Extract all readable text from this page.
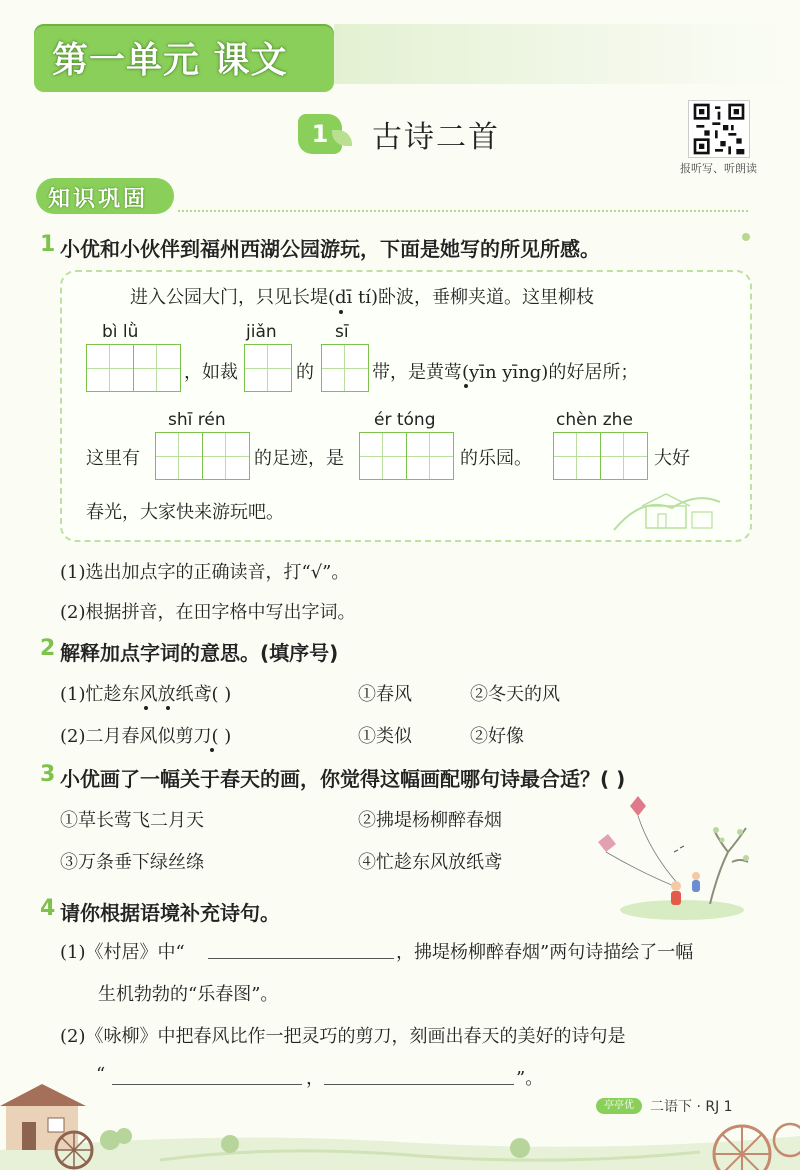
第一单元 课文
1	古诗二首
报听写、听朗读
知识巩固
1 小优和小伙伴到福州西湖公园游玩，下面是她写的所见所感。
进入公园大门，只见长堤(dī tí)卧波，垂柳夹道。这里柳枝
bì lǜ	jiǎn	sī
，如裁	的	带，是黄莺(yīn yīng)的好居所；
shī rén	ér tóng	chèn zhe
这里有	的足迹，是	的乐园。	大好
春光，大家快来游玩吧。
(1)选出加点字的正确读音，打“√”。
(2)根据拼音，在田字格中写出字词。
2 解释加点字词的意思。(填序号)
(1)忙趁东风放纸鸢( )	①春风	②冬天的风
(2)二月春风似剪刀( )	①类似	②好像
3 小优画了一幅关于春天的画，你觉得这幅画配哪句诗最合适？( )
①草长莺飞二月天	②拂堤杨柳醉春烟
③万条垂下绿丝绦	④忙趁东风放纸鸢
4 请你根据语境补充诗句。
(1)《村居》中“	，拂堤杨柳醉春烟”两句诗描绘了一幅
生机勃勃的“乐春图”。
(2)《咏柳》中把春风比作一把灵巧的剪刀，刻画出春天的美好的诗句是
“	，	”。
亭亭优	二语下 · RJ 1
